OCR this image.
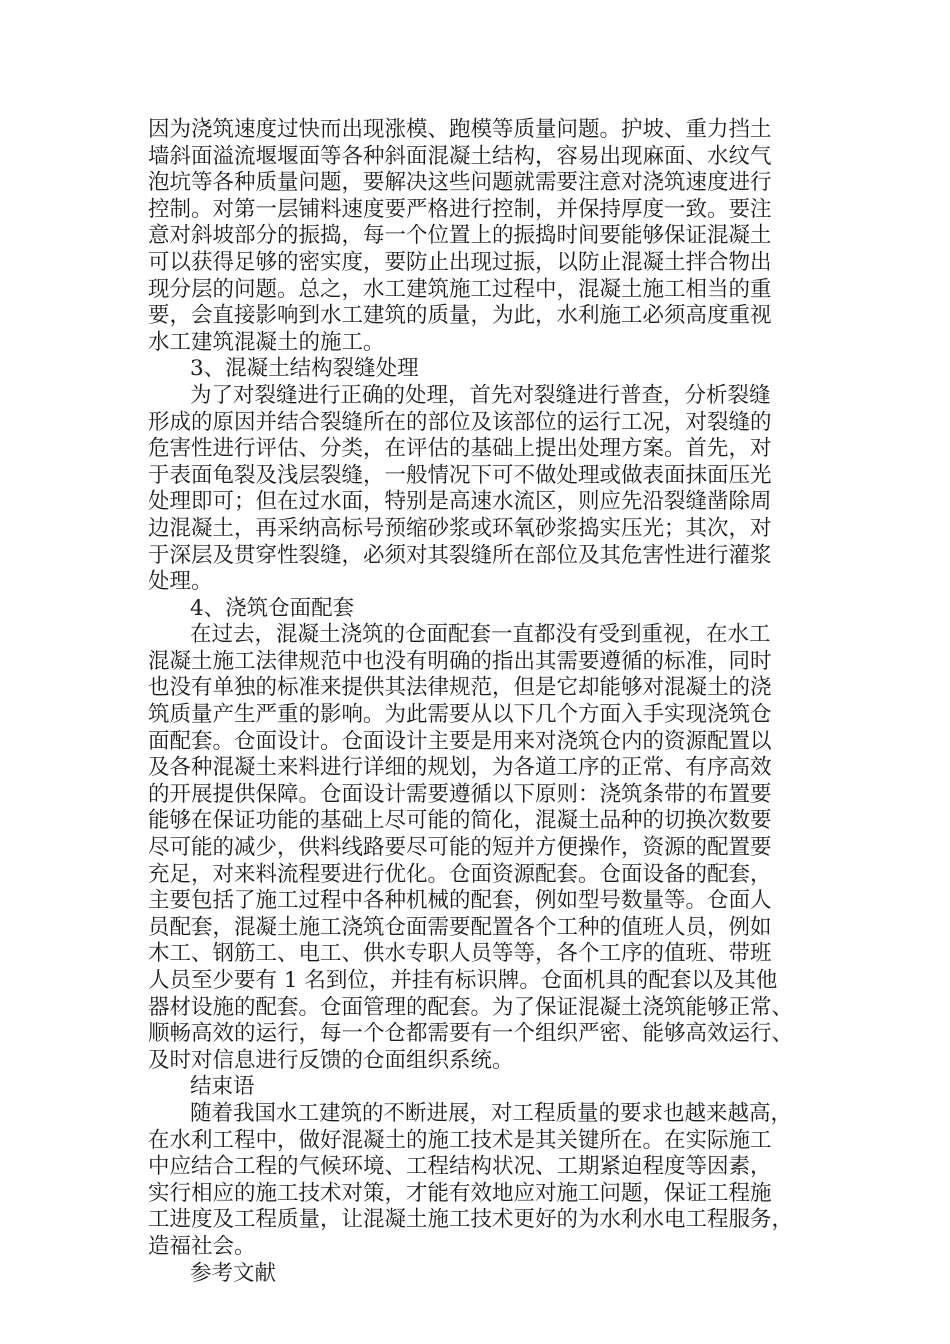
因为浇筑速度过快而出现涨模、跑模等质量问题。护坡、重力挡土
墙斜面溢流堰堰面等各种斜面混凝土结构，容易出现麻面、水纹气
泡坑等各种质量问题，要解决这些问题就需要注意对浇筑速度进行
控制。对第一层铺料速度要严格进行控制，并保持厚度一致。要注
意对斜坡部分的振捣，每一个位置上的振捣时间要能够保证混凝土
可以获得足够的密实度，要防止出现过振，以防止混凝土拌合物出
现分层的问题。总之，水工建筑施工过程中，混凝土施工相当的重
要，会直接影响到水工建筑的质量，为此，水利施工必须高度重视
水工建筑混凝土的施工。
3、混凝土结构裂缝处理
为了对裂缝进行正确的处理，首先对裂缝进行普查，分析裂缝
形成的原因并结合裂缝所在的部位及该部位的运行工况，对裂缝的
危害性进行评估、分类，在评估的基础上提出处理方案。首先，对
于表面龟裂及浅层裂缝，一般情况下可不做处理或做表面抹面压光
处理即可；但在过水面，特别是高速水流区，则应先沿裂缝凿除周
边混凝土，再采纳高标号预缩砂浆或环氧砂浆捣实压光；其次，对
于深层及贯穿性裂缝，必须对其裂缝所在部位及其危害性进行灌浆
处理。
4、浇筑仓面配套
在过去，混凝土浇筑的仓面配套一直都没有受到重视，在水工
混凝土施工法律规范中也没有明确的指出其需要遵循的标准，同时
也没有单独的标准来提供其法律规范，但是它却能够对混凝土的浇
筑质量产生严重的影响。为此需要从以下几个方面入手实现浇筑仓
面配套。仓面设计。仓面设计主要是用来对浇筑仓内的资源配置以
及各种混凝土来料进行详细的规划，为各道工序的正常、有序高效
的开展提供保障。仓面设计需要遵循以下原则：浇筑条带的布置要
能够在保证功能的基础上尽可能的简化，混凝土品种的切换次数要
尽可能的减少，供料线路要尽可能的短并方便操作，资源的配置要
充足，对来料流程要进行优化。仓面资源配套。仓面设备的配套，
主要包括了施工过程中各种机械的配套，例如型号数量等。仓面人
员配套，混凝土施工浇筑仓面需要配置各个工种的值班人员，例如
木工、钢筋工、电工、供水专职人员等等，各个工序的值班、带班
人员至少要有 1 名到位，并挂有标识牌。仓面机具的配套以及其他
器材设施的配套。仓面管理的配套。为了保证混凝土浇筑能够正常、
顺畅高效的运行，每一个仓都需要有一个组织严密、能够高效运行、
及时对信息进行反馈的仓面组织系统。
结束语
随着我国水工建筑的不断进展，对工程质量的要求也越来越高，
在水利工程中，做好混凝土的施工技术是其关键所在。在实际施工
中应结合工程的气候环境、工程结构状况、工期紧迫程度等因素，
实行相应的施工技术对策，才能有效地应对施工问题，保证工程施
工进度及工程质量，让混凝土施工技术更好的为水利水电工程服务，
造福社会。
参考文献
